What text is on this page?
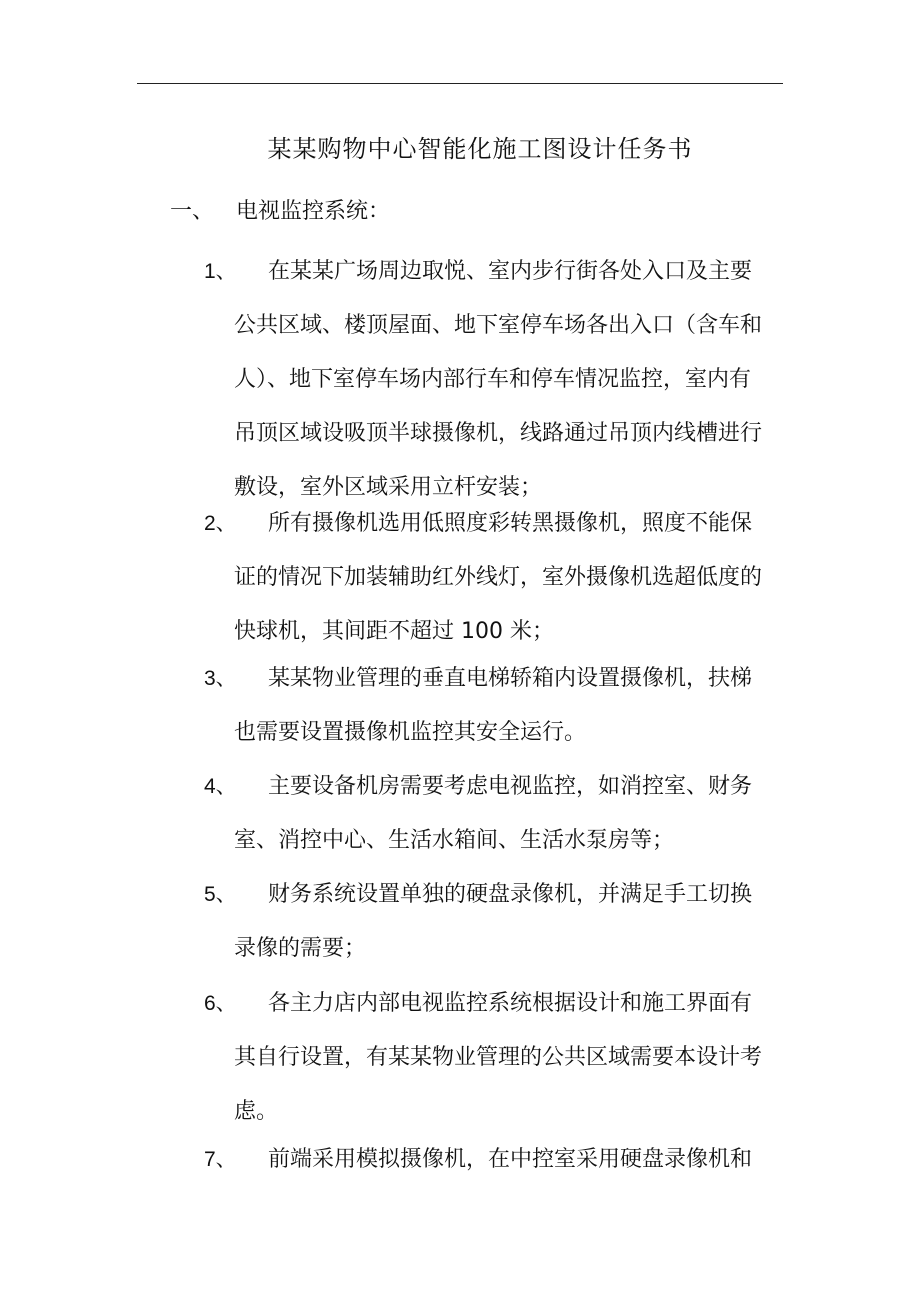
某某购物中心智能化施工图设计任务书
一、 电视监控系统：
1、	在某某广场周边取悦、室内步行街各处入口及主要
公共区域、楼顶屋面、地下室停车场各出入口（含车和
人）、地下室停车场内部行车和停车情况监控，室内有
吊顶区域设吸顶半球摄像机，线路通过吊顶内线槽进行
敷设，室外区域采用立杆安装；
2、	所有摄像机选用低照度彩转黑摄像机，照度不能保
证的情况下加装辅助红外线灯，室外摄像机选超低度的
快球机，其间距不超过 100 米；
3、	某某物业管理的垂直电梯轿箱内设置摄像机，扶梯
也需要设置摄像机监控其安全运行。
4、	主要设备机房需要考虑电视监控，如消控室、财务
室、消控中心、生活水箱间、生活水泵房等；
5、	财务系统设置单独的硬盘录像机，并满足手工切换
录像的需要；
6、	各主力店内部电视监控系统根据设计和施工界面有
其自行设置，有某某物业管理的公共区域需要本设计考
虑。
7、	前端采用模拟摄像机，在中控室采用硬盘录像机和
